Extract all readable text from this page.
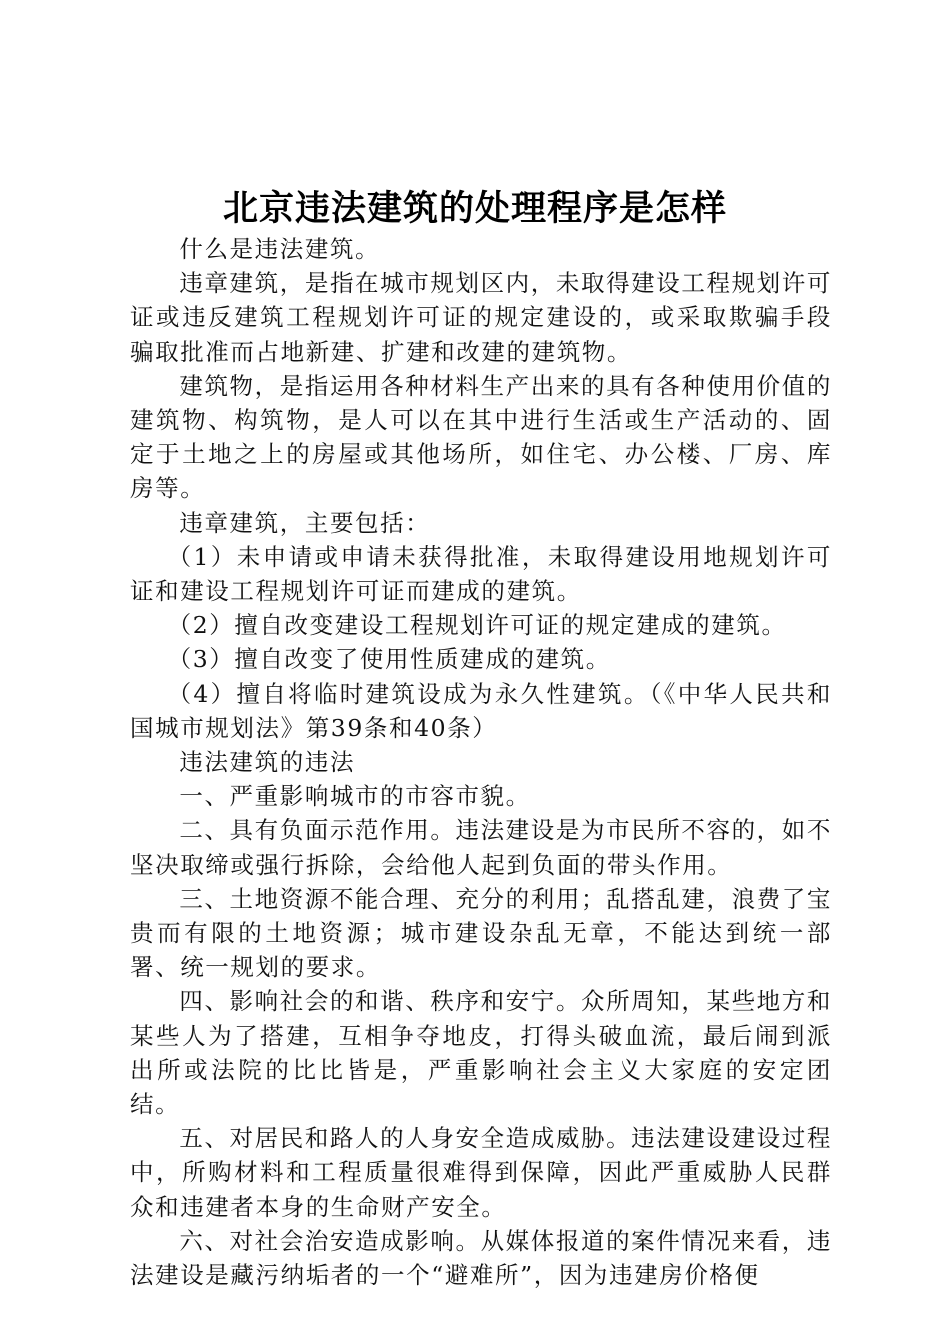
北京违法建筑的处理程序是怎样

什么是违法建筑。

违章建筑，是指在城市规划区内，未取得建设工程规划许可证或违反建筑工程规划许可证的规定建设的，或采取欺骗手段骗取批准而占地新建、扩建和改建的建筑物。

建筑物，是指运用各种材料生产出来的具有各种使用价值的建筑物、构筑物，是人可以在其中进行生活或生产活动的、固定于土地之上的房屋或其他场所，如住宅、办公楼、厂房、库房等。

违章建筑，主要包括：

（1）未申请或申请未获得批准，未取得建设用地规划许可证和建设工程规划许可证而建成的建筑。

（2）擅自改变建设工程规划许可证的规定建成的建筑。

（3）擅自改变了使用性质建成的建筑。

（4）擅自将临时建筑设成为永久性建筑。（《中华人民共和国城市规划法》第39条和40条）

违法建筑的违法

一、严重影响城市的市容市貌。

二、具有负面示范作用。违法建设是为市民所不容的，如不坚决取缔或强行拆除，会给他人起到负面的带头作用。

三、土地资源不能合理、充分的利用；乱搭乱建，浪费了宝贵而有限的土地资源；城市建设杂乱无章，不能达到统一部署、统一规划的要求。

四、影响社会的和谐、秩序和安宁。众所周知，某些地方和某些人为了搭建，互相争夺地皮，打得头破血流，最后闹到派出所或法院的比比皆是，严重影响社会主义大家庭的安定团结。

五、对居民和路人的人身安全造成威胁。违法建设建设过程中，所购材料和工程质量很难得到保障，因此严重威胁人民群众和违建者本身的生命财产安全。

六、对社会治安造成影响。从媒体报道的案件情况来看，违法建设是藏污纳垢者的一个“避难所”，因为违建房价格便
